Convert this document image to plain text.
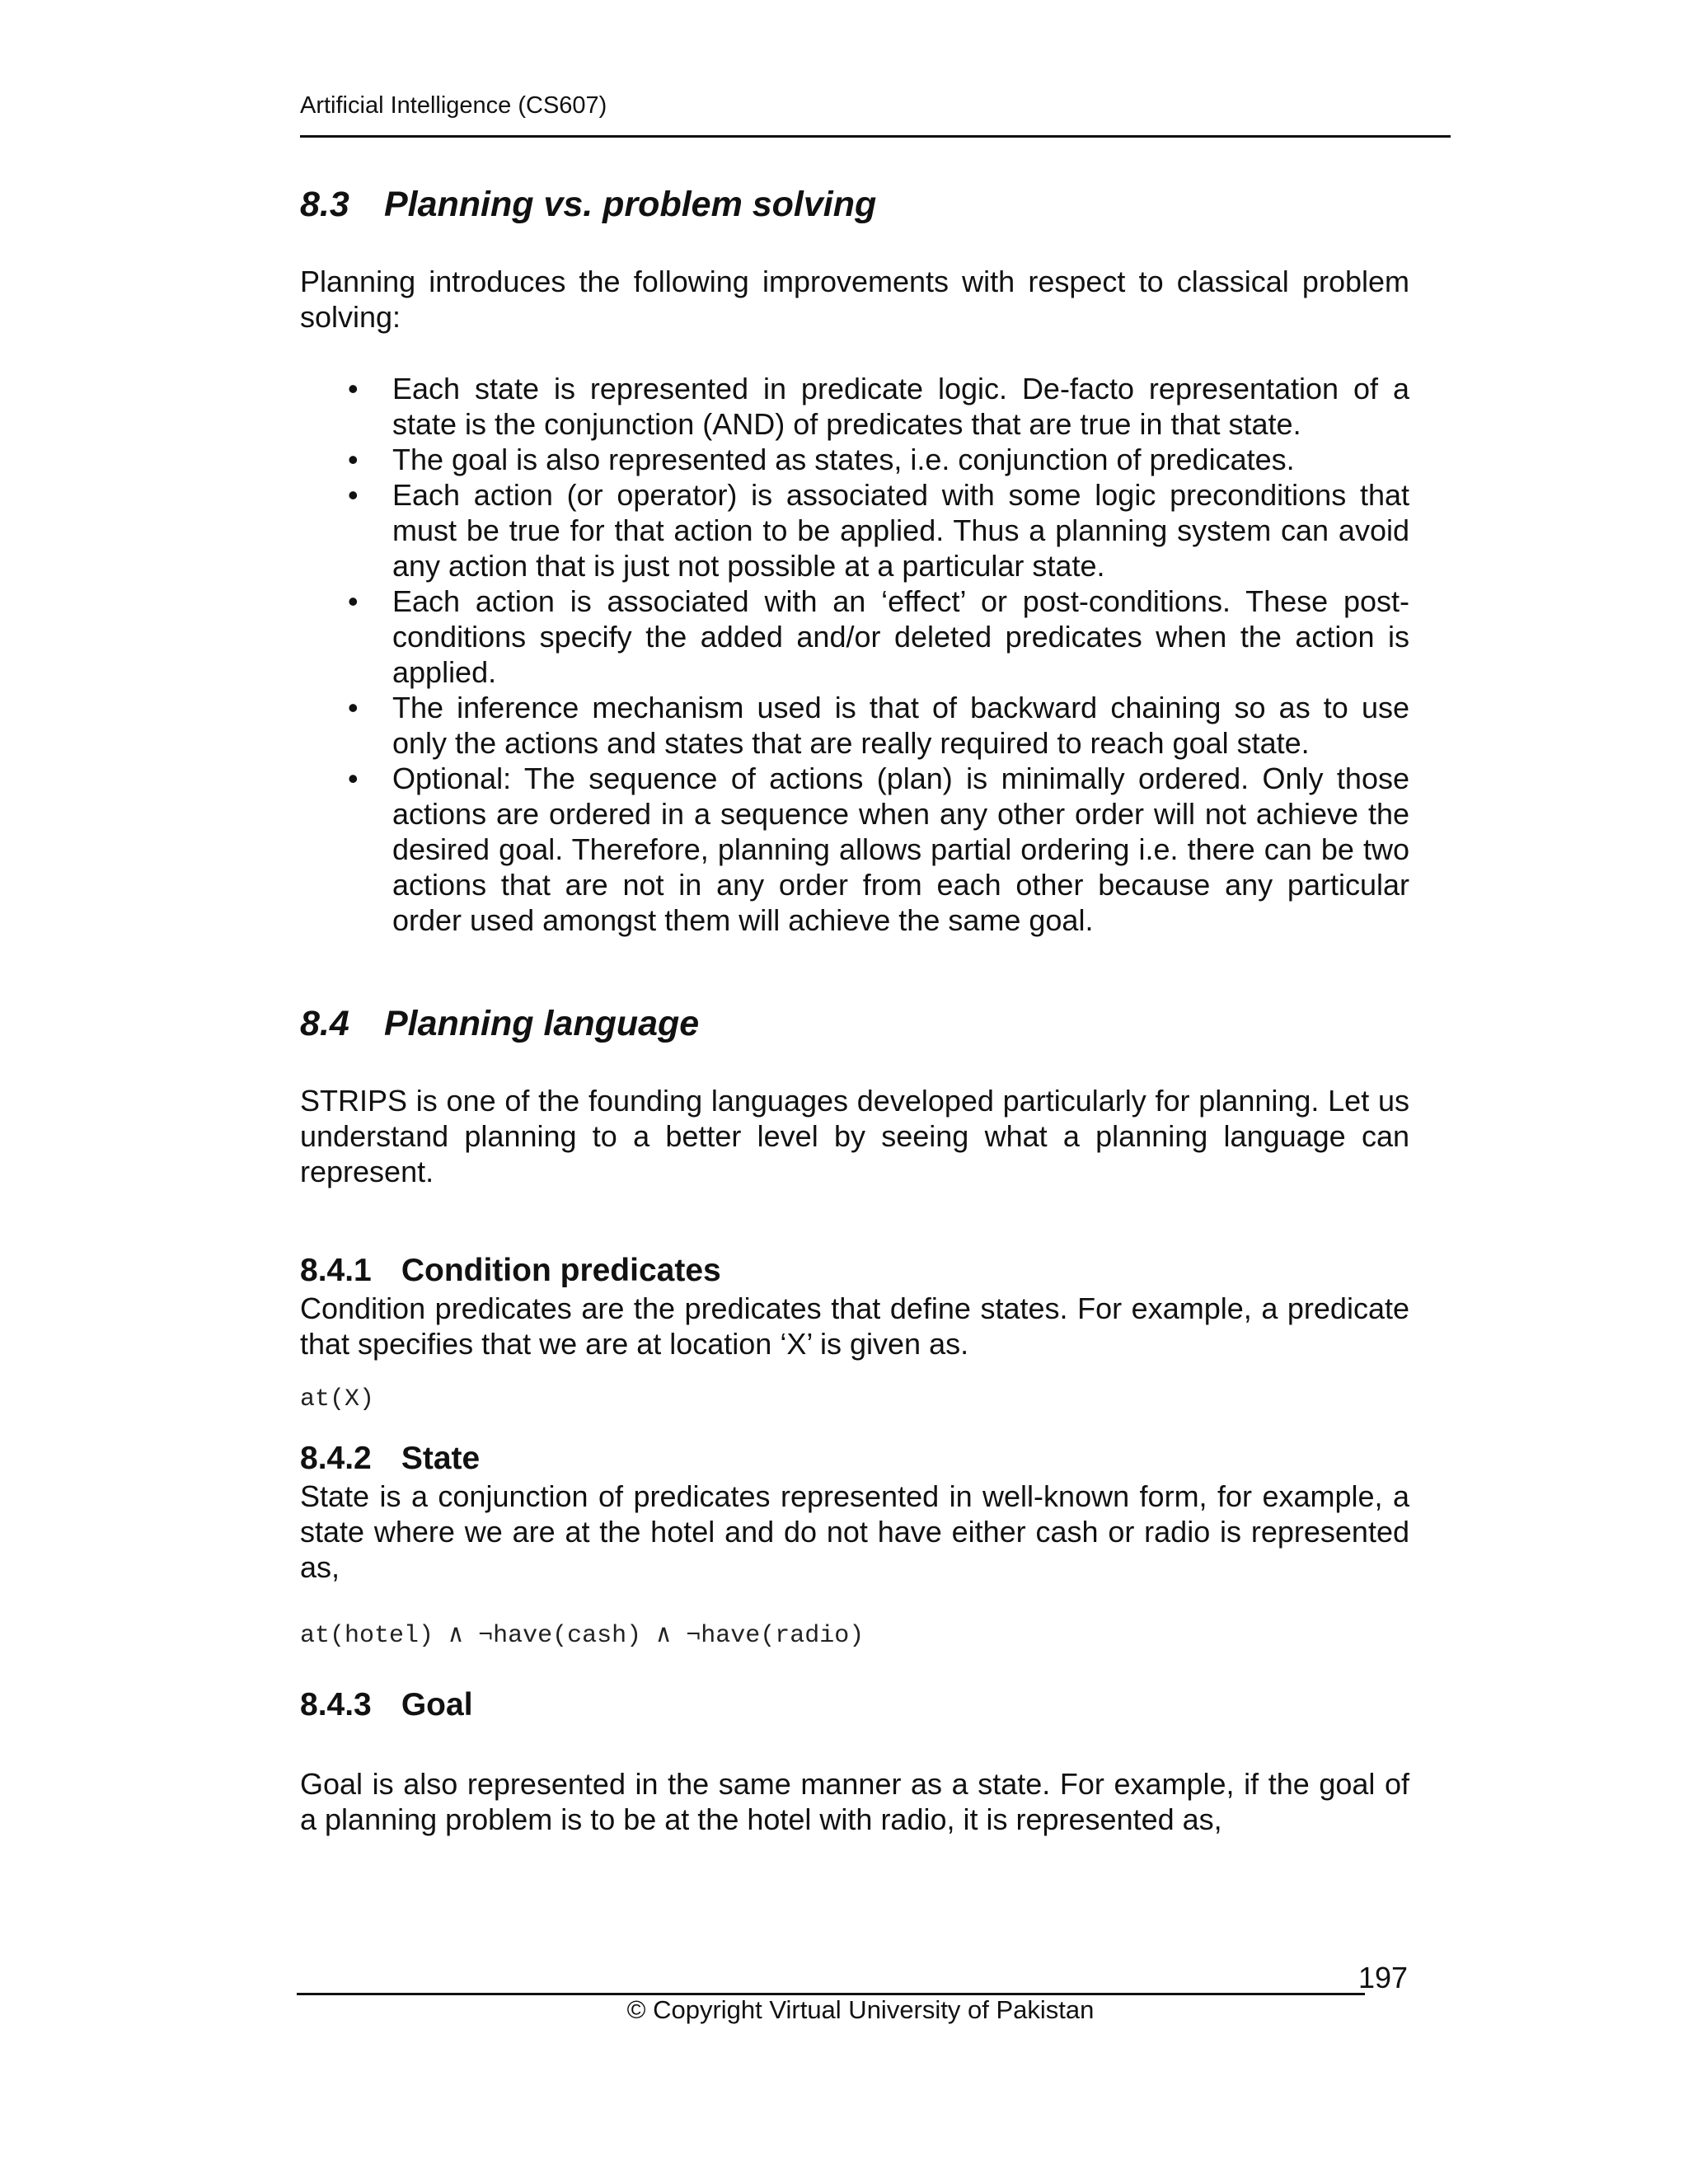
Artificial Intelligence (CS607)
8.3 Planning vs. problem solving

Planning introduces the following improvements with respect to classical problem solving:

• Each state is represented in predicate logic. De-facto representation of a state is the conjunction (AND) of predicates that are true in that state.
• The goal is also represented as states, i.e. conjunction of predicates.
• Each action (or operator) is associated with some logic preconditions that must be true for that action to be applied. Thus a planning system can avoid any action that is just not possible at a particular state.
• Each action is associated with an ‘effect’ or post-conditions. These post-conditions specify the added and/or deleted predicates when the action is applied.
• The inference mechanism used is that of backward chaining so as to use only the actions and states that are really required to reach goal state.
• Optional: The sequence of actions (plan) is minimally ordered. Only those actions are ordered in a sequence when any other order will not achieve the desired goal. Therefore, planning allows partial ordering i.e. there can be two actions that are not in any order from each other because any particular order used amongst them will achieve the same goal.
8.4 Planning language

STRIPS is one of the founding languages developed particularly for planning. Let us understand planning to a better level by seeing what a planning language can represent.

8.4.1 Condition predicates

Condition predicates are the predicates that define states. For example, a predicate that specifies that we are at location ‘X’ is given as.

at(X)
8.4.2 State

State is a conjunction of predicates represented in well-known form, for example, a state where we are at the hotel and do not have either cash or radio is represented as,

at(hotel) ∧ ¬have(cash) ∧ ¬have(radio)
8.4.3 Goal

Goal is also represented in the same manner as a state. For example, if the goal of a planning problem is to be at the hotel with radio, it is represented as,

197
© Copyright Virtual University of Pakistan
